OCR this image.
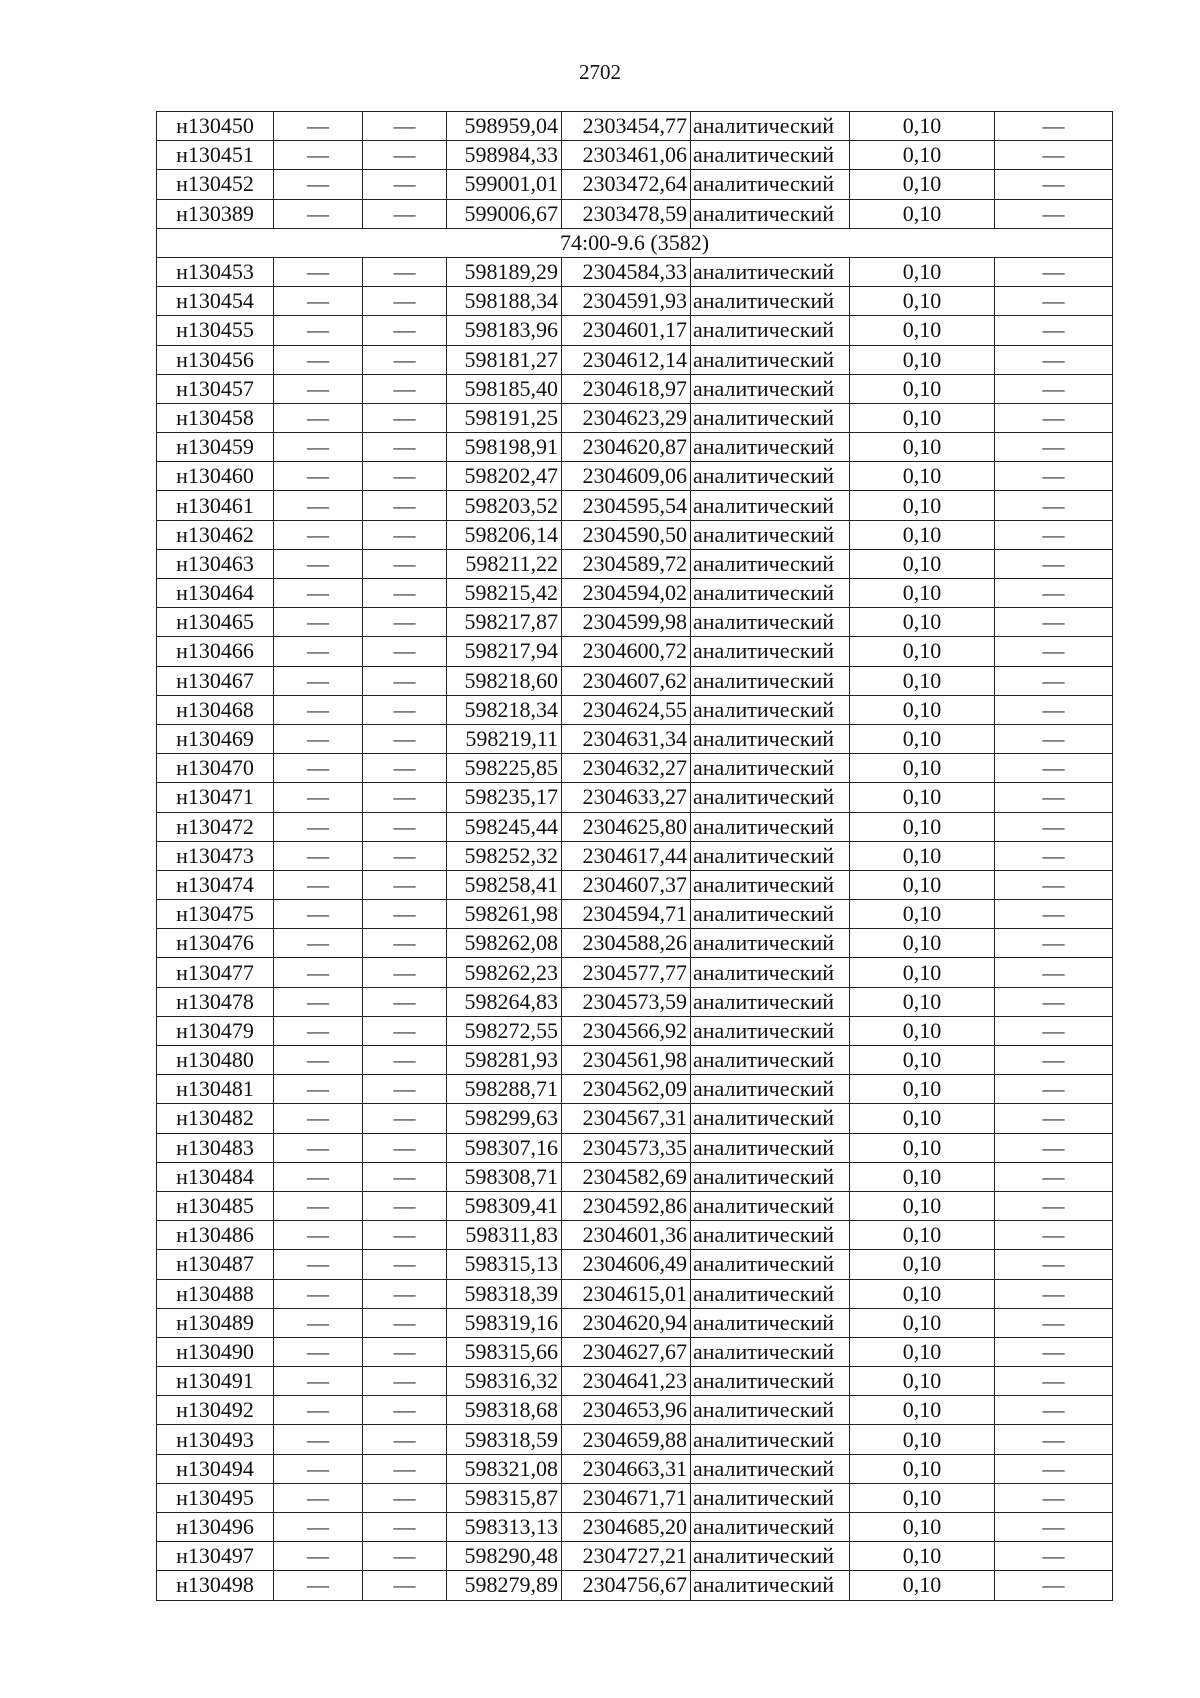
2702
н130450	—	—	598959,04	2303454,77	аналитический	0,10	—
н130451	—	—	598984,33	2303461,06	аналитический	0,10	—
н130452	—	—	599001,01	2303472,64	аналитический	0,10	—
н130389	—	—	599006,67	2303478,59	аналитический	0,10	—
74:00-9.6 (3582)							
н130453	—	—	598189,29	2304584,33	аналитический	0,10	—
н130454	—	—	598188,34	2304591,93	аналитический	0,10	—
н130455	—	—	598183,96	2304601,17	аналитический	0,10	—
н130456	—	—	598181,27	2304612,14	аналитический	0,10	—
н130457	—	—	598185,40	2304618,97	аналитический	0,10	—
н130458	—	—	598191,25	2304623,29	аналитический	0,10	—
н130459	—	—	598198,91	2304620,87	аналитический	0,10	—
н130460	—	—	598202,47	2304609,06	аналитический	0,10	—
н130461	—	—	598203,52	2304595,54	аналитический	0,10	—
н130462	—	—	598206,14	2304590,50	аналитический	0,10	—
н130463	—	—	598211,22	2304589,72	аналитический	0,10	—
н130464	—	—	598215,42	2304594,02	аналитический	0,10	—
н130465	—	—	598217,87	2304599,98	аналитический	0,10	—
н130466	—	—	598217,94	2304600,72	аналитический	0,10	—
н130467	—	—	598218,60	2304607,62	аналитический	0,10	—
н130468	—	—	598218,34	2304624,55	аналитический	0,10	—
н130469	—	—	598219,11	2304631,34	аналитический	0,10	—
н130470	—	—	598225,85	2304632,27	аналитический	0,10	—
н130471	—	—	598235,17	2304633,27	аналитический	0,10	—
н130472	—	—	598245,44	2304625,80	аналитический	0,10	—
н130473	—	—	598252,32	2304617,44	аналитический	0,10	—
н130474	—	—	598258,41	2304607,37	аналитический	0,10	—
н130475	—	—	598261,98	2304594,71	аналитический	0,10	—
н130476	—	—	598262,08	2304588,26	аналитический	0,10	—
н130477	—	—	598262,23	2304577,77	аналитический	0,10	—
н130478	—	—	598264,83	2304573,59	аналитический	0,10	—
н130479	—	—	598272,55	2304566,92	аналитический	0,10	—
н130480	—	—	598281,93	2304561,98	аналитический	0,10	—
н130481	—	—	598288,71	2304562,09	аналитический	0,10	—
н130482	—	—	598299,63	2304567,31	аналитический	0,10	—
н130483	—	—	598307,16	2304573,35	аналитический	0,10	—
н130484	—	—	598308,71	2304582,69	аналитический	0,10	—
н130485	—	—	598309,41	2304592,86	аналитический	0,10	—
н130486	—	—	598311,83	2304601,36	аналитический	0,10	—
н130487	—	—	598315,13	2304606,49	аналитический	0,10	—
н130488	—	—	598318,39	2304615,01	аналитический	0,10	—
н130489	—	—	598319,16	2304620,94	аналитический	0,10	—
н130490	—	—	598315,66	2304627,67	аналитический	0,10	—
н130491	—	—	598316,32	2304641,23	аналитический	0,10	—
н130492	—	—	598318,68	2304653,96	аналитический	0,10	—
н130493	—	—	598318,59	2304659,88	аналитический	0,10	—
н130494	—	—	598321,08	2304663,31	аналитический	0,10	—
н130495	—	—	598315,87	2304671,71	аналитический	0,10	—
н130496	—	—	598313,13	2304685,20	аналитический	0,10	—
н130497	—	—	598290,48	2304727,21	аналитический	0,10	—
н130498	—	—	598279,89	2304756,67	аналитический	0,10	—
